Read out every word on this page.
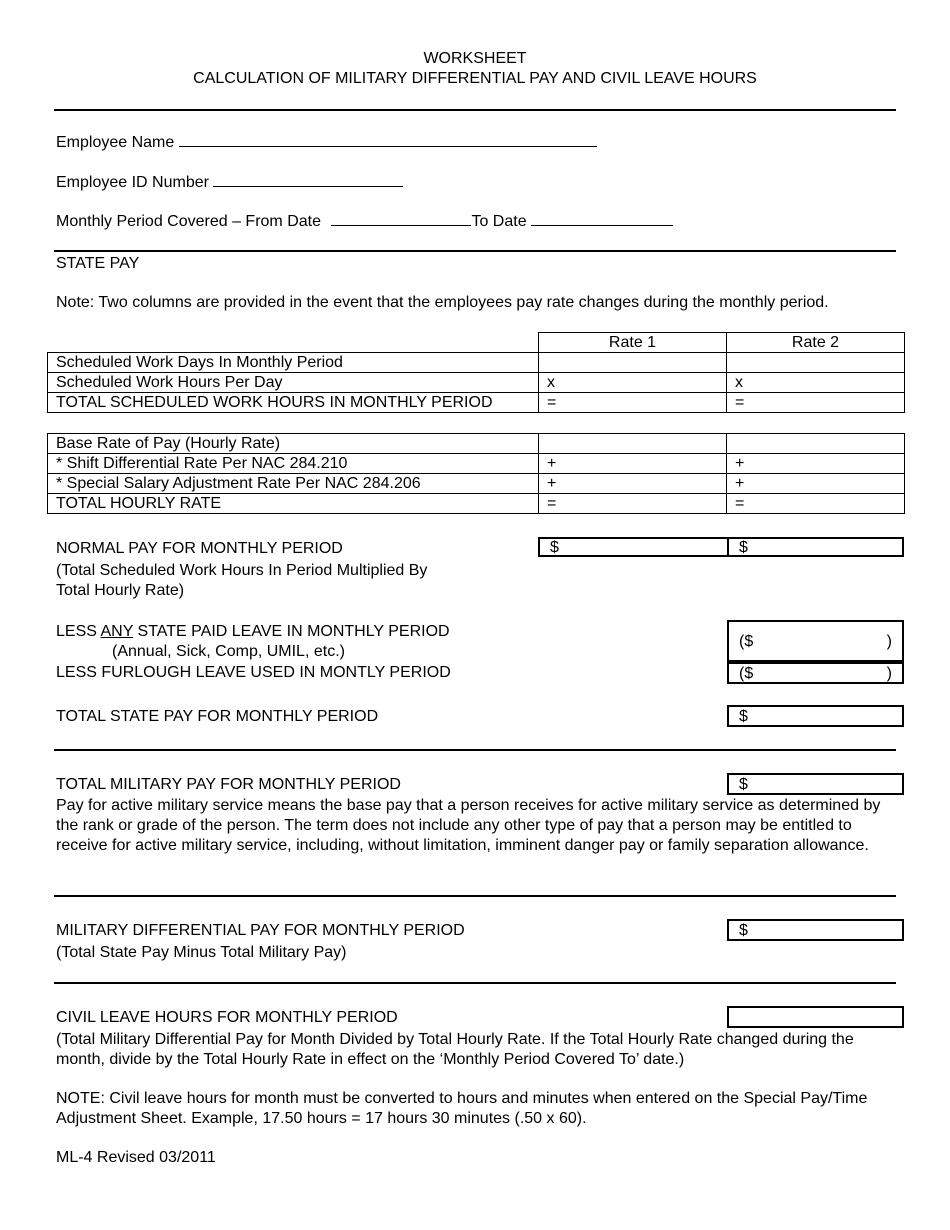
WORKSHEET
CALCULATION OF MILITARY DIFFERENTIAL PAY AND CIVIL LEAVE HOURS
Employee Name
Employee ID Number
Monthly Period Covered – From Date	To Date
STATE PAY
Note: Two columns are provided in the event that the employees pay rate changes during the monthly period.
	Rate 1	Rate 2
Scheduled Work Days In Monthly Period		
Scheduled Work Hours Per Day	x	x
TOTAL SCHEDULED WORK HOURS IN MONTHLY PERIOD	=	=
Base Rate of Pay (Hourly Rate)		
* Shift Differential Rate Per NAC 284.210	+	+
* Special Salary Adjustment Rate Per NAC 284.206	+	+
TOTAL HOURLY RATE	=	=
NORMAL PAY FOR MONTHLY PERIOD
(Total Scheduled Work Hours In Period Multiplied By
Total Hourly Rate)
$	$
LESS ANY STATE PAID LEAVE IN MONTHLY PERIOD
(Annual, Sick, Comp, UMIL, etc.)
LESS FURLOUGH LEAVE USED IN MONTLY PERIOD
($	)
($	)
TOTAL STATE PAY FOR MONTHLY PERIOD	$
TOTAL MILITARY PAY FOR MONTHLY PERIOD	$
Pay for active military service means the base pay that a person receives for active military service as determined by the rank or grade of the person. The term does not include any other type of pay that a person may be entitled to receive for active military service, including, without limitation, imminent danger pay or family separation allowance.
MILITARY DIFFERENTIAL PAY FOR MONTHLY PERIOD
(Total State Pay Minus Total Military Pay)
$
CIVIL LEAVE HOURS FOR MONTHLY PERIOD
(Total Military Differential Pay for Month Divided by Total Hourly Rate. If the Total Hourly Rate changed during the month, divide by the Total Hourly Rate in effect on the ‘Monthly Period Covered To’ date.)
NOTE: Civil leave hours for month must be converted to hours and minutes when entered on the Special Pay/Time Adjustment Sheet. Example, 17.50 hours = 17 hours 30 minutes (.50 x 60).
ML-4 Revised 03/2011
